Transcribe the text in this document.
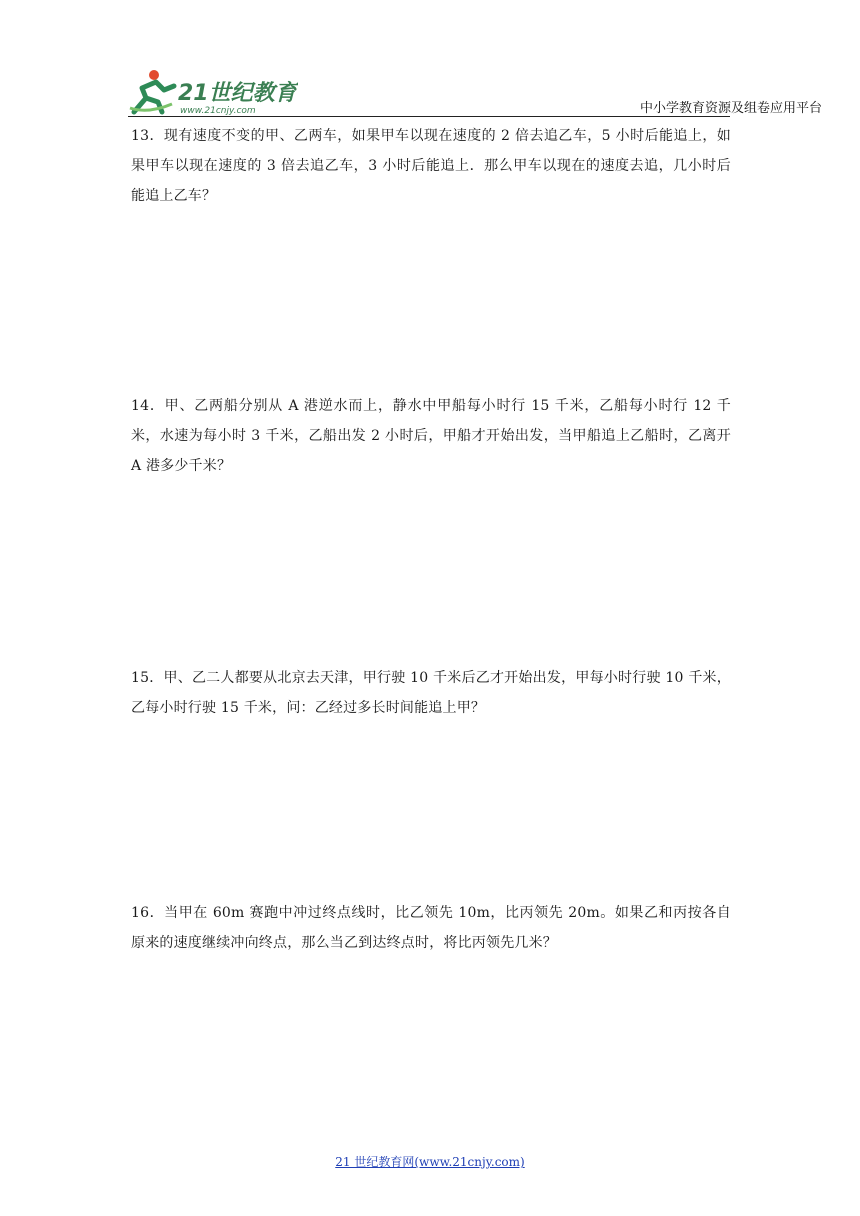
21世纪教育
www.21cnjy.com	中小学教育资源及组卷应用平台
13．现有速度不变的甲、乙两车，如果甲车以现在速度的 2 倍去追乙车，5 小时后能追上，如果甲车以现在速度的 3 倍去追乙车，3 小时后能追上．那么甲车以现在的速度去追，几小时后能追上乙车？
14．甲、乙两船分别从 A 港逆水而上，静水中甲船每小时行 15 千米，乙船每小时行 12 千米，水速为每小时 3 千米，乙船出发 2 小时后，甲船才开始出发，当甲船追上乙船时，乙离开 A 港多少千米？
15．甲、乙二人都要从北京去天津，甲行驶 10 千米后乙才开始出发，甲每小时行驶 10 千米，乙每小时行驶 15 千米，问：乙经过多长时间能追上甲？
16．当甲在 60m 赛跑中冲过终点线时，比乙领先 10m，比丙领先 20m。如果乙和丙按各自原来的速度继续冲向终点，那么当乙到达终点时，将比丙领先几米？
21 世纪教育网(www.21cnjy.com)
